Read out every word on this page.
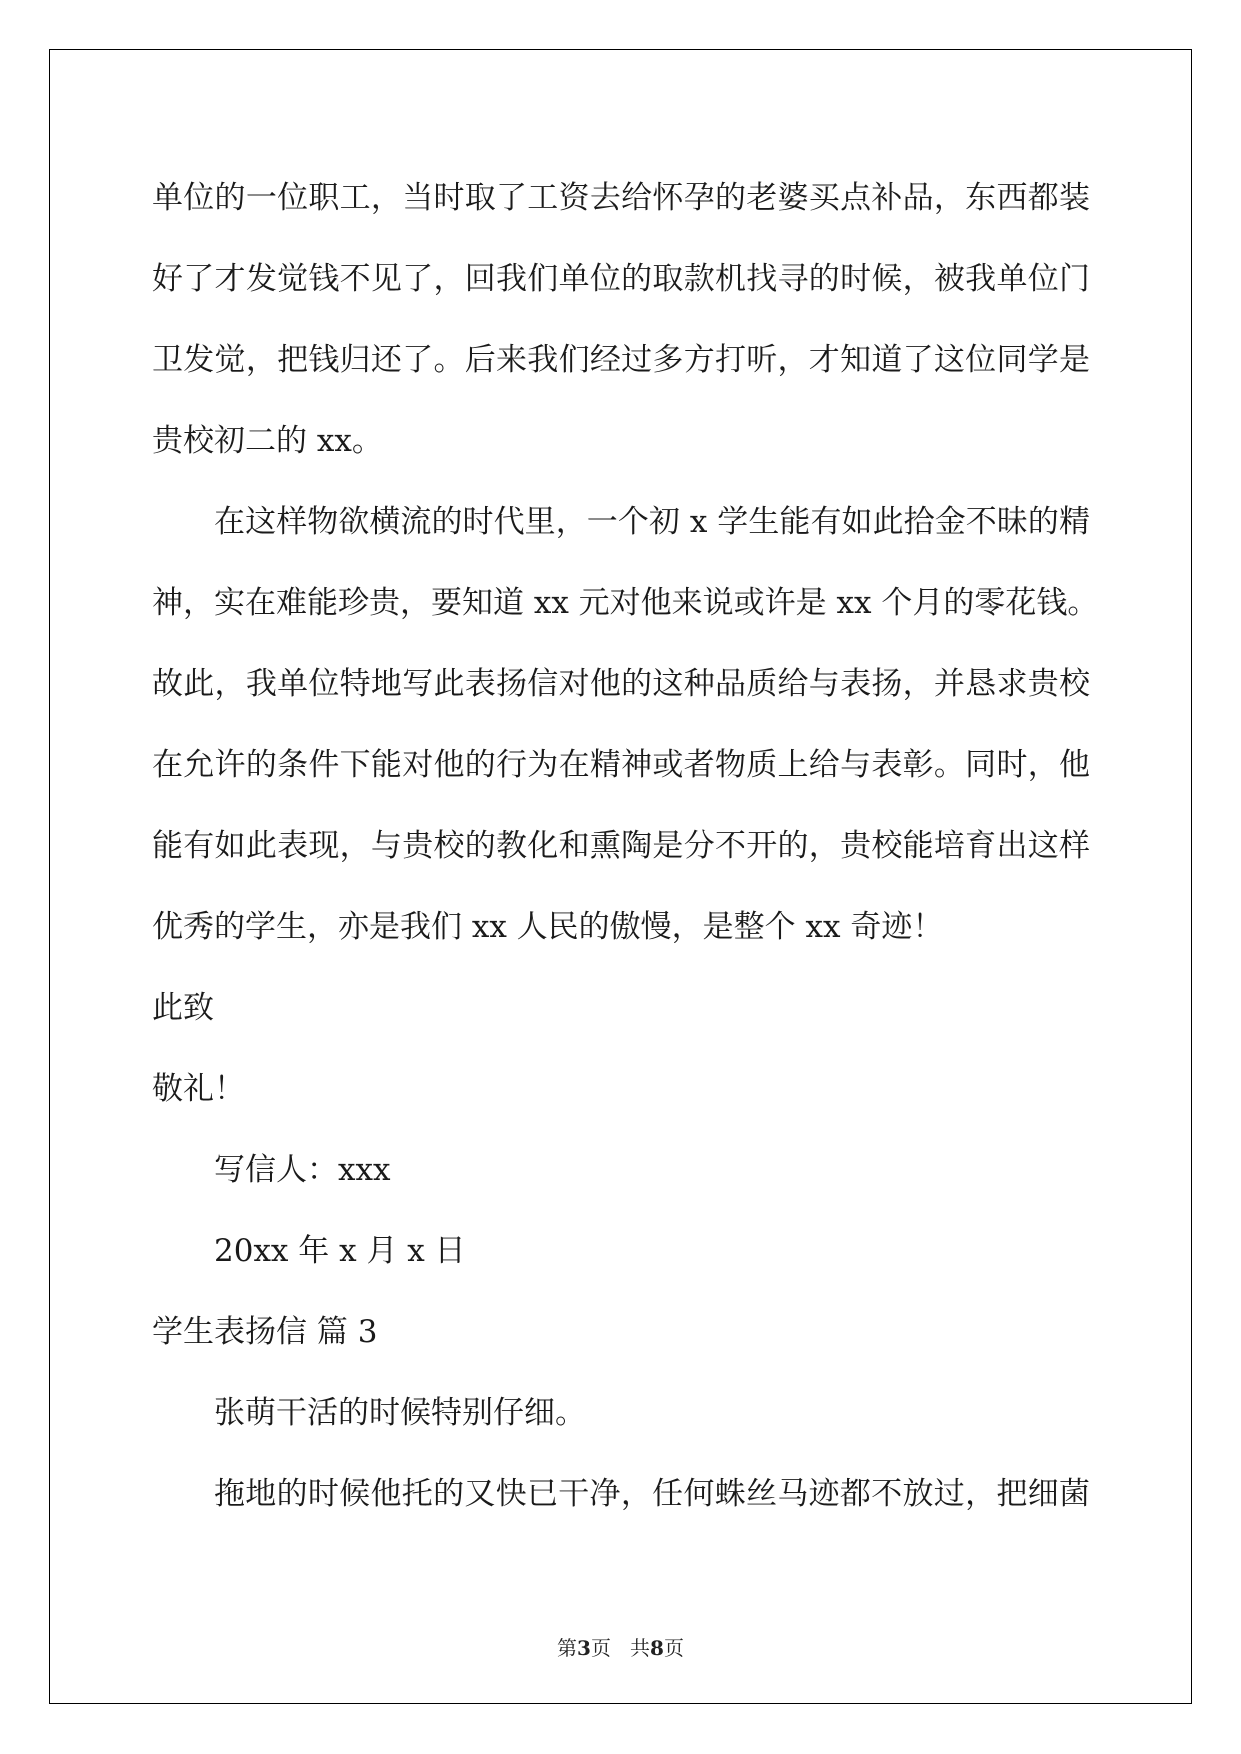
单位的一位职工，当时取了工资去给怀孕的老婆买点补品，东西都装
好了才发觉钱不见了，回我们单位的取款机找寻的时候，被我单位门
卫发觉，把钱归还了。后来我们经过多方打听，才知道了这位同学是
贵校初二的 xx。
在这样物欲横流的时代里，一个初 x 学生能有如此拾金不昧的精
神，实在难能珍贵，要知道 xx 元对他来说或许是 xx 个月的零花钱。
故此，我单位特地写此表扬信对他的这种品质给与表扬，并恳求贵校
在允许的条件下能对他的行为在精神或者物质上给与表彰。同时，他
能有如此表现，与贵校的教化和熏陶是分不开的，贵校能培育出这样
优秀的学生，亦是我们 xx 人民的傲慢，是整个 xx 奇迹！
此致
敬礼！
写信人：xxx
20xx 年 x 月 x 日
学生表扬信 篇 3
张萌干活的时候特别仔细。
拖地的时候他托的又快已干净，任何蛛丝马迹都不放过，把细菌
第3页   共8页
